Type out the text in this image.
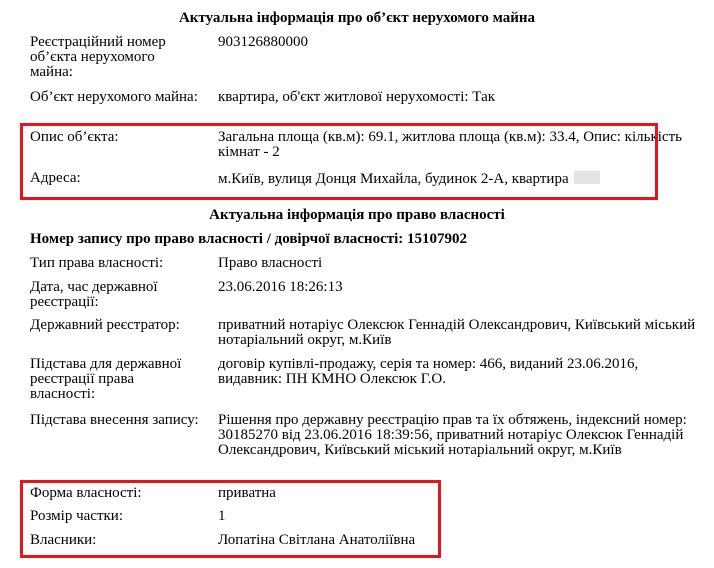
Актуальна інформація про об’єкт нерухомого майна
Реєстраційний номер об’єкта нерухомого майна:
903126880000
Об’єкт нерухомого майна: квартира, об'єкт житлової нерухомості: Так
Опис об’єкта:	Загальна площа (кв.м): 69.1, житлова площа (кв.м): 33.4, Опис: кількість кімнат - 2
Адреса:	м.Київ, вулиця Донця Михайла, будинок 2-А, квартира
Актуальна інформація про право власності
Номер запису про право власності / довірчої власності: 15107902
Тип права власності:	Право власності
Дата, час державної реєстрації:
23.06.2016 18:26:13
Державний реєстратор:	приватний нотаріус Олексюк Геннадій Олександрович, Київський міський нотаріальний округ, м.Київ
Підстава для державної реєстрації права власності:
договір купівлі-продажу, серія та номер: 466, виданий 23.06.2016, видавник: ПН КМНО Олексюк Г.О.
Підстава внесення запису: Рішення про державну реєстрацію прав та їх обтяжень, індексний номер: 30185270 від 23.06.2016 18:39:56, приватний нотаріус Олексюк Геннадій Олександрович, Київський міський нотаріальний округ, м.Київ
Форма власності:	приватна
Розмір частки:	1
Власники:	Лопатіна Світлана Анатоліївна
